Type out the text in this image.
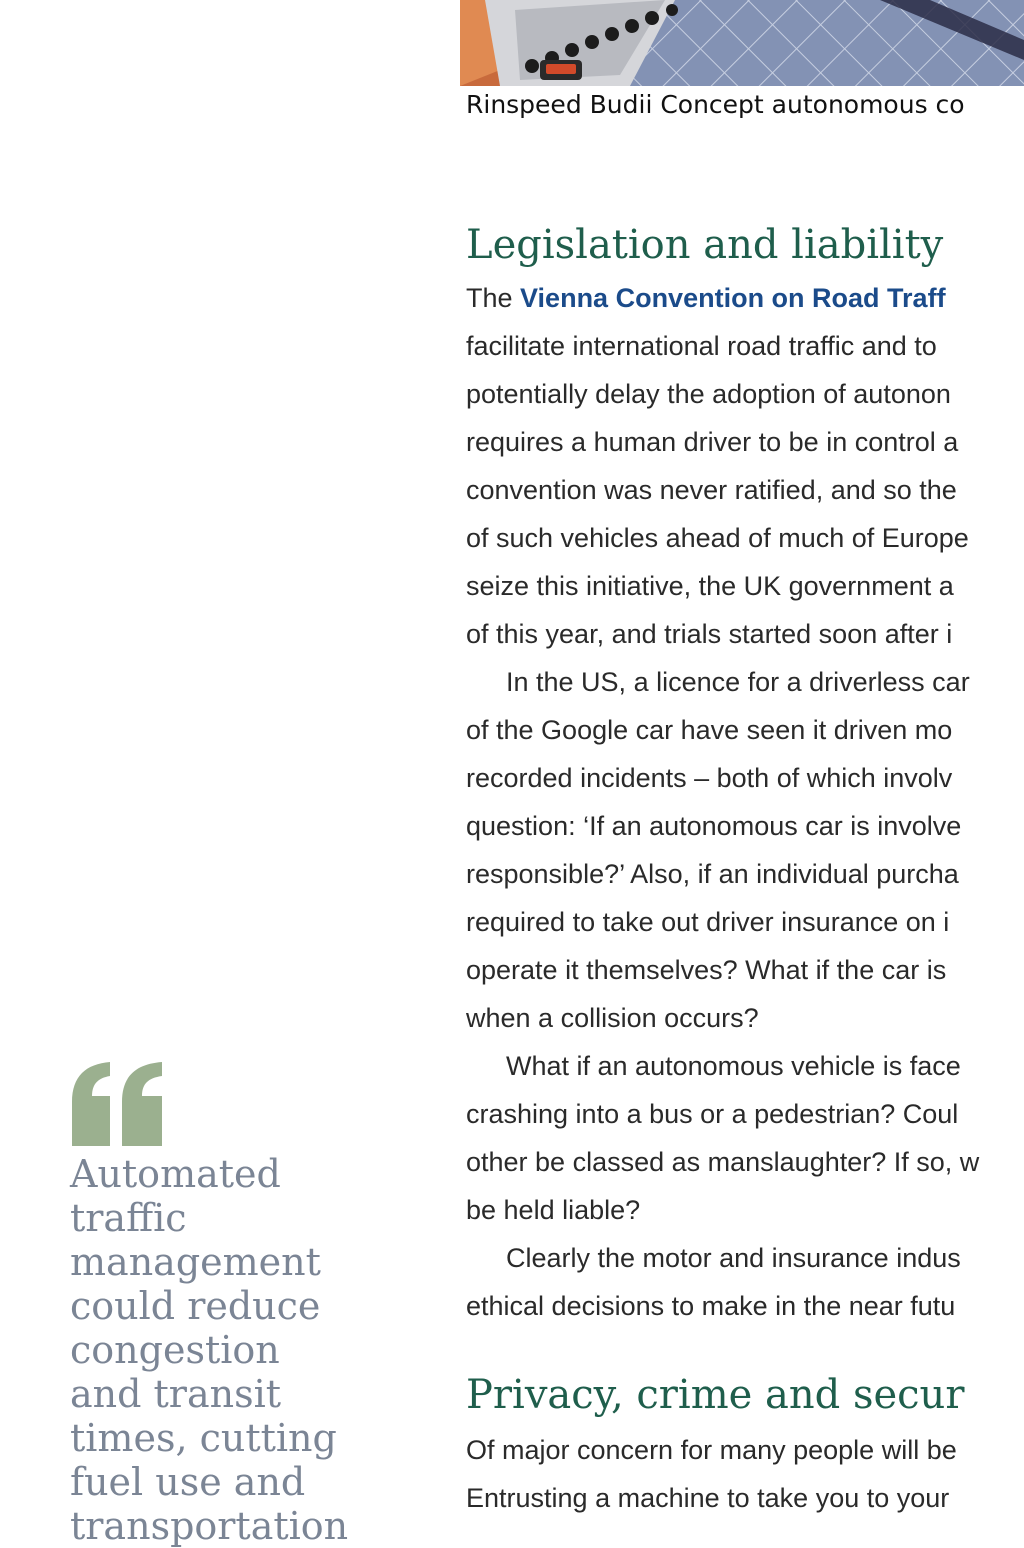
Rinspeed Budii Concept autonomous co
Legislation and liability
The Vienna Convention on Road Traff
facilitate international road traffic and to
potentially delay the adoption of autonon
requires a human driver to be in control a
convention was never ratified, and so the
of such vehicles ahead of much of Europe
seize this initiative, the UK government a
of this year, and trials started soon after i
In the US, a licence for a driverless car
of the Google car have seen it driven mo
recorded incidents – both of which involv
question: ‘If an autonomous car is involve
responsible?’ Also, if an individual purcha
required to take out driver insurance on i
operate it themselves? What if the car is
when a collision occurs?
What if an autonomous vehicle is face
crashing into a bus or a pedestrian? Coul
other be classed as manslaughter? If so, w
be held liable?
Clearly the motor and insurance indus
ethical decisions to make in the near futu
Privacy, crime and secur
Of major concern for many people will be
Entrusting a machine to take you to your
Automated
traffic
management
could reduce
congestion
and transit
times, cutting
fuel use and
transportation
